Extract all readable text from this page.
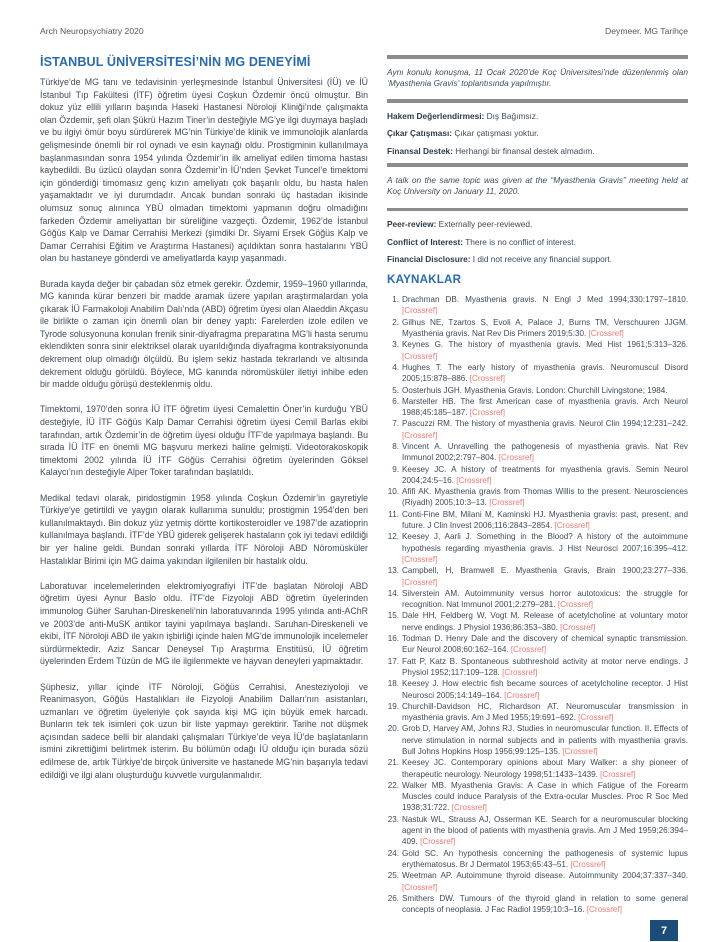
Arch Neuropsychiatry 2020	Deymeer. MG Tarihçe
İSTANBUL ÜNİVERSİTESİ’NİN MG DENEYİMİ

Türkiye’de MG tanı ve tedavisinin yerleşmesinde İstanbul Üniversitesi (İÜ) ve İÜ İstanbul Tıp Fakültesi (İTF) öğretim üyesi Coşkun Özdemir öncü olmuştur. Bin dokuz yüz ellili yılların başında Haseki Hastanesi Nöroloji Kliniği’nde çalışmakta olan Özdemir, şefi olan Şükrü Hazım Tiner’in desteğiyle MG’ye ilgi duymaya başladı ve bu ilgiyi ömür boyu sürdürerek MG’nin Türkiye’de klinik ve immunolojik alanlarda gelişmesinde önemli bir rol oynadı ve esin kaynağı oldu. Prostigminin kullanılmaya başlanmasından sonra 1954 yılında Özdemir’in ilk ameliyat edilen timoma hastası kaybedildi. Bu üzücü olaydan sonra Özdemir’in İÜ’nden Şevket Tuncel’e timektomi için gönderdiği timomasız genç kızın ameliyatı çok başarılı oldu, bu hasta halen yaşamaktadır ve iyi durumdadır. Ancak bundan sonraki üç hastadan ikisinde olumsuz sonuç alınınca YBÜ olmadan timektomi yapmanın doğru olmadığını farkeden Özdemir ameliyattan bir süreliğine vazgeçti. Özdemir, 1962’de İstanbul Göğüs Kalp ve Damar Cerrahisi Merkezi (şimdiki Dr. Siyami Ersek Göğüs Kalp ve Damar Cerrahisi Eğitim ve Araştırma Hastanesi) açıldıktan sonra hastalarını YBÜ olan bu hastaneye gönderdi ve ameliyatlarda kayıp yaşanmadı.

Burada kayda değer bir çabadan söz etmek gerekir. Özdemir, 1959–1960 yıllarında, MG kanında kürar benzeri bir madde aramak üzere yapılan araştırmalardan yola çıkarak İÜ Farmakoloji Anabilim Dalı’nda (ABD) öğretim üyesi olan Alaeddin Akçasu ile birlikte o zaman için önemli olan bir deney yaptı: Farelerden izole edilen ve Tyrode solusyonuna konulan frenik sinir-diyafragma preparatına MG’li hasta serumu eklendikten sonra sinir elektriksel olarak uyarıldığında diyafragma kontraksiyonunda dekrement olup olmadığı ölçüldü. Bu işlem sekiz hastada tekrarlandı ve altısında dekrement olduğu görüldü. Böylece, MG kanında nöromüsküler iletiyi inhibe eden bir madde olduğu görüşü desteklenmiş oldu.

Timektomi, 1970’den sonra İÜ İTF öğretim üyesi Cemalettin Öner’in kurduğu YBÜ desteğiyle, İÜ İTF Göğüs Kalp Damar Cerrahisi öğretim üyesi Cemil Barlas ekibi tarafından, artık Özdemir’in de öğretim üyesi olduğu İTF’de yapılmaya başlandı. Bu sırada İÜ İTF en önemli MG başvuru merkezi haline gelmişti. Videotorakoskopik timektomi 2002 yılında İÜ İTF Göğüs Cerrahisi öğretim üyelerinden Göksel Kalaycı’nın desteğiyle Alper Toker tarafından başlatıldı.

Medikal tedavi olarak, piridostigmin 1958 yılında Coşkun Özdemir’in gayretiyle Türkiye’ye getirtildi ve yaygın olarak kullanıma sunuldu; prostigmin 1954’den beri kullanılmaktaydı. Bin dokuz yüz yetmiş dörtte kortikosteroidler ve 1987’de azatioprin kullanılmaya başlandı. İTF’de YBÜ giderek gelişerek hastaların çok iyi tedavi edildiği bir yer haline geldi. Bundan sonraki yıllarda İTF Nöroloji ABD Nöromüsküler Hastalıklar Birimi için MG daima yakından ilgilenilen bir hastalık oldu.

Laboratuvar incelemelerinden elektromiyografiyi İTF’de başlatan Nöroloji ABD öğretim üyesi Aynur Baslo oldu. İTF’de Fizyoloji ABD öğretim üyelerinden immunolog Güher Saruhan-Direskeneli’nin laboratuvarında 1995 yılında anti-AChR ve 2003’de anti-MuSK antikor tayini yapılmaya başlandı. Saruhan-Direskeneli ve ekibi, İTF Nöroloji ABD ile yakın işbirliği içinde halen MG’de immunolojik incelemeler sürdürmektedir. Aziz Sancar Deneysel Tıp Araştırma Enstitüsü, İÜ öğretim üyelerinden Erdem Tüzün de MG ile ilgilenmekte ve hayvan deneyleri yapmaktadır.

Şüphesiz, yıllar içinde İTF Nöroloji, Göğüs Cerrahisi, Anesteziyoloji ve Reanimasyon, Göğüs Hastalıkları ile Fizyoloji Anabilim Dalları’nın asistanları, uzmanları ve öğretim üyeleriyle çok sayıda kişi MG için büyük emek harcadı. Bunların tek tek isimleri çok uzun bir liste yapmayı gerektirir. Tarihe not düşmek açısından sadece belli bir alandaki çalışmaları Türkiye’de veya İÜ’de başlatanların ismini zikrettiğimi belirtmek isterim. Bu bölümün odağı İÜ olduğu için burada sözü edilmese de, artık Türkiye’de birçok üniversite ve hastanede MG’nin başarıyla tedavi edildiği ve ilgi alanı oluşturduğu kuvvetle vurgulanmalıdır.

Aynı konulu konuşma, 11 Ocak 2020’de Koç Üniversitesi’nde düzenlenmiş olan ‘Myasthenia Gravis’ toplantısında yapılmıştır.

Hakem Değerlendirmesi: Dış Bağımsız.

Çıkar Çatışması: Çıkar çatışması yoktur.

Finansal Destek: Herhangi bir finansal destek almadım.

A talk on the same topic was given at the “Myasthenia Gravis” meeting held at Koç University on January 11, 2020.

Peer-review: Externally peer-reviewed.

Conflict of Interest: There is no conflict of interest.

Financial Disclosure: I did not receive any financial support.

KAYNAKLAR
Drachman DB. Myasthenia gravis. N Engl J Med 1994;330:1797–1810. [Crossref]
Gilhus NE, Tzartos S, Evoli A, Palace J, Burns TM, Verschuuren JJGM. Myasthenia gravis. Nat Rev Dis Primers 2019;5:30. [Crossref]
Keynes G. The history of myasthenia gravis. Med Hist 1961;5:313–326. [Crossref]
Hughes T. The early history of myasthenia gravis. Neuromuscul Disord 2005;15:878–886. [Crossref]
Oosterhuis JGH. Myasthenia Gravis. London: Churchill Livingstone; 1984.
Marsteller HB. The first American case of myasthenia gravis. Arch Neurol 1988;45:185–187. [Crossref]
Pascuzzi RM. The history of myasthenia gravis. Neurol Clin 1994;12:231–242. [Crossref]
Vincent A. Unravelling the pathogenesis of myasthenia gravis. Nat Rev Immunol 2002;2:797–804. [Crossref]
Keesey JC. A history of treatments for myasthenia gravis. Semin Neurol 2004;24:5–16. [Crossref]
Afifi AK. Myasthenia gravis from Thomas Willis to the present. Neurosciences (Riyadh) 2005;10:3–13. [Crossref]
Conti-Fine BM, Milani M, Kaminski HJ. Myasthenia gravis: past, present, and future. J Clin Invest 2006;116:2843–2854. [Crossref]
Keesey J, Aarli J. Something in the Blood? A history of the autoimmune hypothesis regarding myasthenia gravis. J Hist Neurosci 2007;16:395–412. [Crossref]
Campbell, H, Bramwell E. Myasthenia Gravis, Brain 1900;23:277–336. [Crossref]
Silverstein AM. Autoimmunity versus horror autotoxicus: the struggle for recognition. Nat Immunol 2001;2:279–281. [Crossref]
Dale HH, Feldberg W, Vogt M. Release of acetylcholine at voluntary motor nerve endings. J Physiol 1936;86:353–380. [Crossref]
Todman D. Henry Dale and the discovery of chemical synaptic transmission. Eur Neurol 2008;60:162–164. [Crossref]
Fatt P, Katz B. Spontaneous subthreshold activity at motor nerve endings. J Physiol 1952;117:109–128. [Crossref]
Keesey J. How electric fish became sources of acetylcholine receptor. J Hist Neurosci 2005;14:149–164. [Crossref]
Churchill-Davidson HC, Richardson AT. Neuromuscular transmission in myasthenia gravis. Am J Med 1955;19:691–692. [Crossref]
Grob D, Harvey AM, Johns RJ. Studies in neuromuscular function. II. Effects of nerve stimulation in normal subjects and in patients with myasthenia gravis. Bull Johns Hopkins Hosp 1956;99:125–135. [Crossref]
Keesey JC. Contemporary opinions about Mary Walker: a shy pioneer of therapeutic neurology. Neurology 1998;51:1433–1439. [Crossref]
Walker MB. Myasthenia Gravis: A Case in which Fatigue of the Forearm Muscles could induce Paralysis of the Extra-ocular Muscles. Proc R Soc Med 1938;31:722. [Crossref]
Nastuk WL, Strauss AJ, Osserman KE. Search for a neuromuscular blocking agent in the blood of patients with myasthenia gravis. Am J Med 1959;26:394–409. [Crossref]
Gold SC. An hypothesis concerning the pathogenesis of systemic lupus erythematosus. Br J Dermatol 1953;65:43–51. [Crossref]
Weetman AP. Autoimmune thyroid disease. Autoimmunity 2004;37:337–340. [Crossref]
Smithers DW. Tumours of the thyroid gland in relation to some general concepts of neoplasia. J Fac Radiol 1959;10:3–16. [Crossref]
7
